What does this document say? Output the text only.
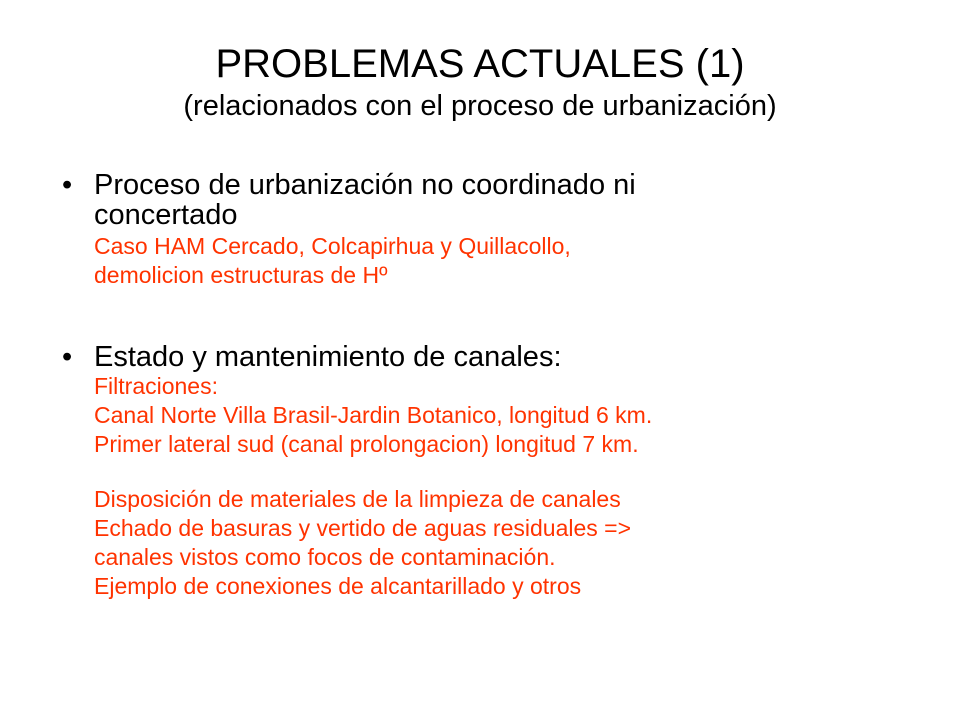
PROBLEMAS ACTUALES (1)

(relacionados con el proceso de urbanización)

• Proceso de urbanización no coordinado ni
concertado
Caso HAM Cercado, Colcapirhua y Quillacollo,
demolicion estructuras de Hº
• Estado y mantenimiento de canales:
Filtraciones:
Canal Norte Villa Brasil-Jardin Botanico, longitud 6 km.
Primer lateral sud (canal prolongacion) longitud 7 km.
Disposición de materiales de la limpieza de canales
Echado de basuras y vertido de aguas residuales =>
canales vistos como focos de contaminación.
Ejemplo de conexiones de alcantarillado y otros
